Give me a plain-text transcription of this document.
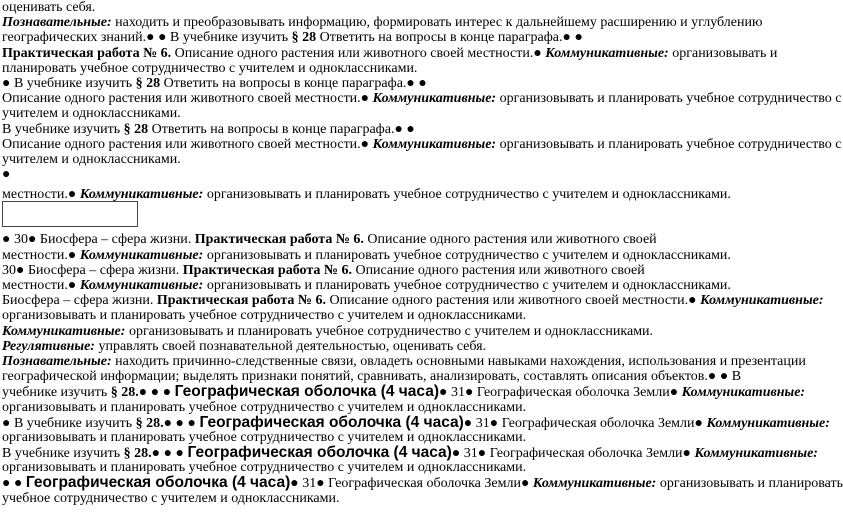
оценивать себя.
Познавательные: находить и преобразовывать информацию, формировать интерес к дальнейшему расширению и углублению
географических знаний.● ● В учебнике изучить § 28 Ответить на вопросы в конце параграфа.● ●
Практическая работа № 6. Описание одного растения или животного своей местности.● Коммуникативные: организовывать и
планировать учебное сотрудничество с учителем и одноклассниками.
● В учебнике изучить § 28 Ответить на вопросы в конце параграфа.● ●
Описание одного растения или животного своей местности.● Коммуникативные: организовывать и планировать учебное сотрудничество с
учителем и одноклассниками.
В учебнике изучить § 28 Ответить на вопросы в конце параграфа.● ●
Описание одного растения или животного своей местности.● Коммуникативные: организовывать и планировать учебное сотрудничество с
учителем и одноклассниками.
●
местности.● Коммуникативные: организовывать и планировать учебное сотрудничество с учителем и одноклассниками.
● 30● Биосфера – сфера жизни. Практическая работа № 6. Описание одного растения или животного своей
местности.● Коммуникативные: организовывать и планировать учебное сотрудничество с учителем и одноклассниками.
30● Биосфера – сфера жизни. Практическая работа № 6. Описание одного растения или животного своей
местности.● Коммуникативные: организовывать и планировать учебное сотрудничество с учителем и одноклассниками.
Биосфера – сфера жизни. Практическая работа № 6. Описание одного растения или животного своей местности.● Коммуникативные:
организовывать и планировать учебное сотрудничество с учителем и одноклассниками.
Коммуникативные: организовывать и планировать учебное сотрудничество с учителем и одноклассниками.
Регулятивные: управлять своей познавательной деятельностью, оценивать себя.
Познавательные: находить причинно-следственные связи, овладеть основными навыками нахождения, использования и презентации
географической информации; выделять признаки понятий, сравнивать, анализировать, составлять описания объектов.● ● В
учебнике изучить § 28.● ● ● Географическая оболочка (4 часа)● 31● Географическая оболочка Земли● Коммуникативные:
организовывать и планировать учебное сотрудничество с учителем и одноклассниками.
● В учебнике изучить § 28.● ● ● Географическая оболочка (4 часа)● 31● Географическая оболочка Земли● Коммуникативные:
организовывать и планировать учебное сотрудничество с учителем и одноклассниками.
В учебнике изучить § 28.● ● ● Географическая оболочка (4 часа)● 31● Географическая оболочка Земли● Коммуникативные:
организовывать и планировать учебное сотрудничество с учителем и одноклассниками.
● ● Географическая оболочка (4 часа)● 31● Географическая оболочка Земли● Коммуникативные: организовывать и планировать
учебное сотрудничество с учителем и одноклассниками.
